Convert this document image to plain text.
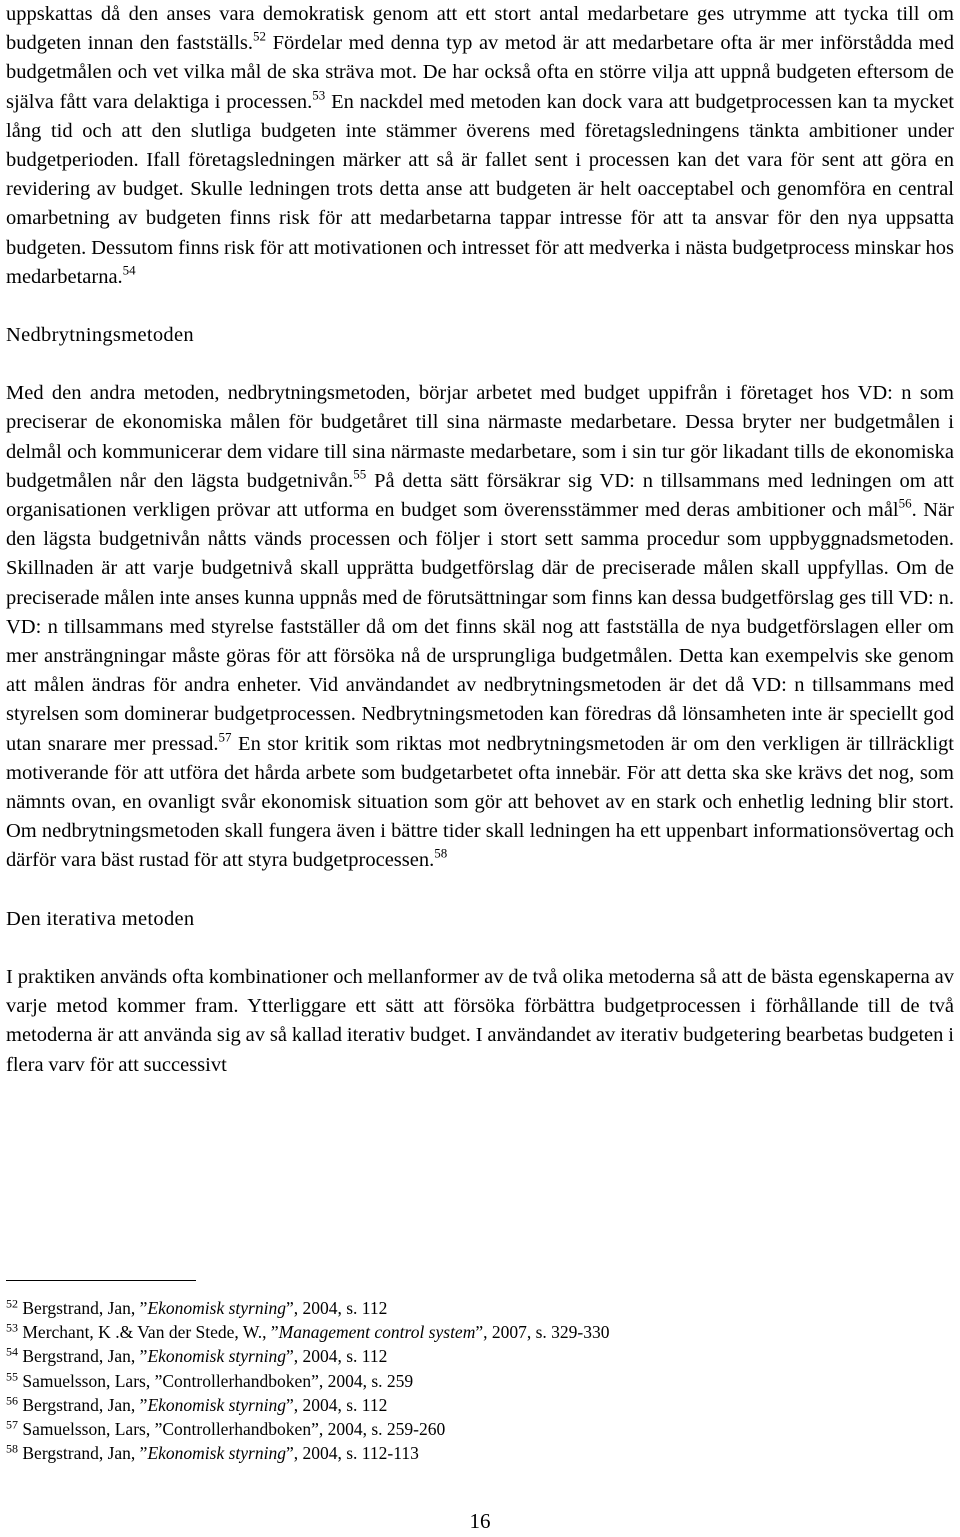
uppskattas då den anses vara demokratisk genom att ett stort antal medarbetare ges utrymme att tycka till om budgeten innan den fastställs.$^{52}$ Fördelar med denna typ av metod är att medarbetare ofta är mer införstådda med budgetmålen och vet vilka mål de ska sträva mot. De har också ofta en större vilja att uppnå budgeten eftersom de själva fått vara delaktiga i processen.$^{53}$ En nackdel med metoden kan dock vara att budgetprocessen kan ta mycket lång tid och att den slutliga budgeten inte stämmer överens med företagsledningens tänkta ambitioner under budgetperioden. Ifall företagsledningen märker att så är fallet sent i processen kan det vara för sent att göra en revidering av budget. Skulle ledningen trots detta anse att budgeten är helt oacceptabel och genomföra en central omarbetning av budgeten finns risk för att medarbetarna tappar intresse för att ta ansvar för den nya uppsatta budgeten. Dessutom finns risk för att motivationen och intresset för att medverka i nästa budgetprocess minskar hos medarbetarna.$^{54}$

Nedbrytningsmetoden

Med den andra metoden, nedbrytningsmetoden, börjar arbetet med budget uppifrån i företaget hos VD: n som preciserar de ekonomiska målen för budgetåret till sina närmaste medarbetare. Dessa bryter ner budgetmålen i delmål och kommunicerar dem vidare till sina närmaste medarbetare, som i sin tur gör likadant tills de ekonomiska budgetmålen når den lägsta budgetnivån.$^{55}$ På detta sätt försäkrar sig VD: n tillsammans med ledningen om att organisationen verkligen prövar att utforma en budget som överensstämmer med deras ambitioner och mål$^{56}$. När den lägsta budgetnivån nåtts vänds processen och följer i stort sett samma procedur som uppbyggnadsmetoden. Skillnaden är att varje budgetnivå skall upprätta budgetförslag där de preciserade målen skall uppfyllas. Om de preciserade målen inte anses kunna uppnås med de förutsättningar som finns kan dessa budgetförslag ges till VD: n. VD: n tillsammans med styrelse fastställer då om det finns skäl nog att fastställa de nya budgetförslagen eller om mer ansträngningar måste göras för att försöka nå de ursprungliga budgetmålen. Detta kan exempelvis ske genom att målen ändras för andra enheter. Vid användandet av nedbrytningsmetoden är det då VD: n tillsammans med styrelsen som dominerar budgetprocessen. Nedbrytningsmetoden kan föredras då lönsamheten inte är speciellt god utan snarare mer pressad.$^{57}$ En stor kritik som riktas mot nedbrytningsmetoden är om den verkligen är tillräckligt motiverande för att utföra det hårda arbete som budgetarbetet ofta innebär. För att detta ska ske krävs det nog, som nämnts ovan, en ovanligt svår ekonomisk situation som gör att behovet av en stark och enhetlig ledning blir stort. Om nedbrytningsmetoden skall fungera även i bättre tider skall ledningen ha ett uppenbart informationsövertag och därför vara bäst rustad för att styra budgetprocessen.$^{58}$

Den iterativa metoden

I praktiken används ofta kombinationer och mellanformer av de två olika metoderna så att de bästa egenskaperna av varje metod kommer fram. Ytterliggare ett sätt att försöka förbättra budgetprocessen i förhållande till de två metoderna är att använda sig av så kallad iterativ budget. I användandet av iterativ budgetering bearbetas budgeten i flera varv för att successivt

$^{52}$ Bergstrand, Jan, ”Ekonomisk styrning”, 2004, s. 112
$^{53}$ Merchant, K .& Van der Stede, W., ”Management control system”, 2007, s. 329-330
$^{54}$ Bergstrand, Jan, ”Ekonomisk styrning”, 2004, s. 112
$^{55}$ Samuelsson, Lars, ”Controllerhandboken”, 2004, s. 259
$^{56}$ Bergstrand, Jan, ”Ekonomisk styrning”, 2004, s. 112
$^{57}$ Samuelsson, Lars, ”Controllerhandboken”, 2004, s. 259-260
$^{58}$ Bergstrand, Jan, ”Ekonomisk styrning”, 2004, s. 112-113
16
